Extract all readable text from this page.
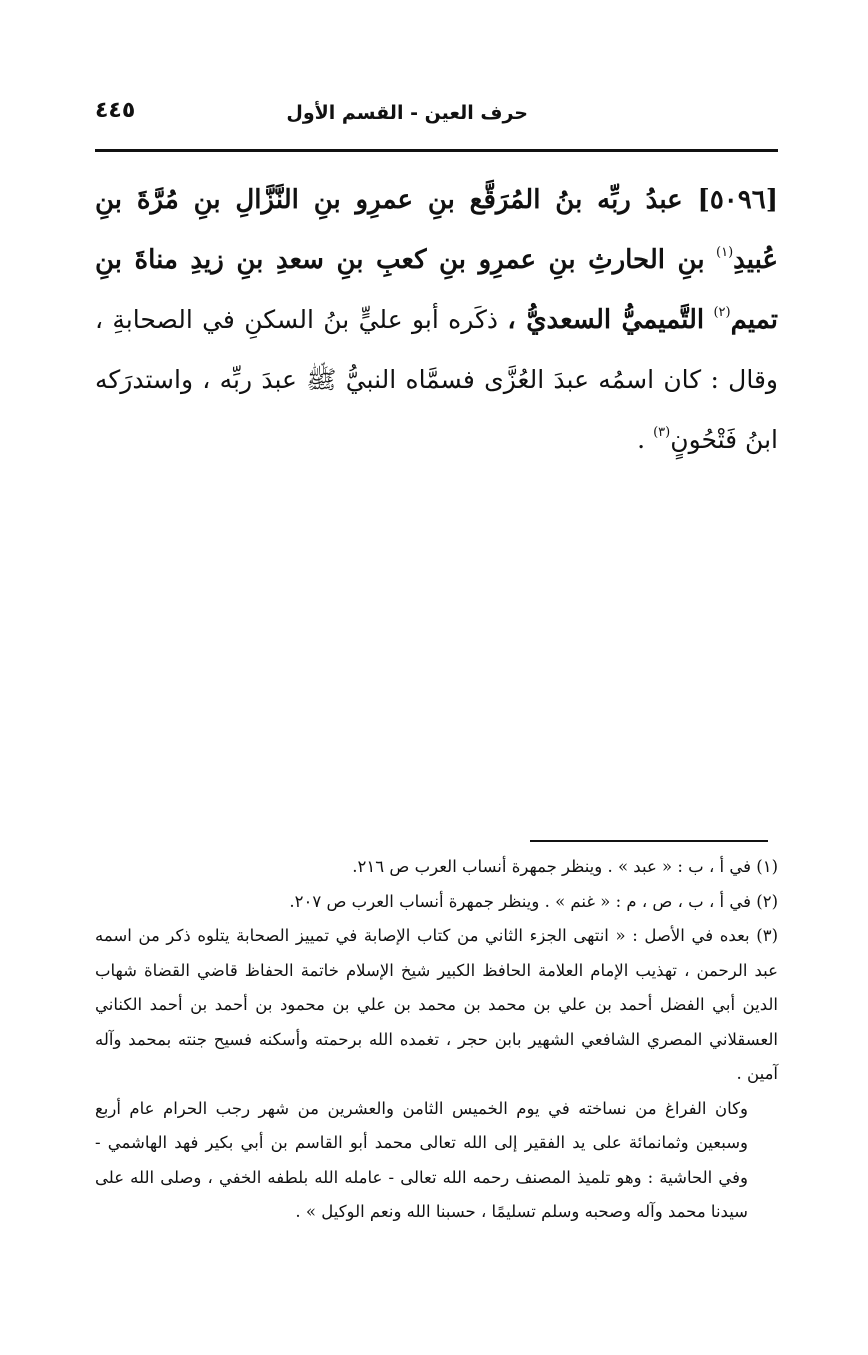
حرف العين - القسم الأول
٤٤٥
[٥٠٩٦] عبدُ ربِّه بنُ المُرَقَّع بنِ عمرِو بنِ النَّزَّالِ بنِ مُرَّةَ بنِ عُبيدِ$^{(١)}$ بنِ الحارثِ بنِ عمرِو بنِ كعبِ بنِ سعدِ بنِ زيدِ مناةَ بنِ تميم$^{(٢)}$ التَّميميُّ السعديُّ ، ذكَره أبو عليٍّ بنُ السكنِ في الصحابةِ ، وقال : كان اسمُه عبدَ العُزَّى فسمَّاه النبيُّ ﷺ عبدَ ربِّه ، واستدرَكه ابنُ فَتْحُونٍ$^{(٣)}$ .

(١) في أ ، ب : « عبد » . وينظر جمهرة أنساب العرب ص ٢١٦.

(٢) في أ ، ب ، ص ، م : « غنم » . وينظر جمهرة أنساب العرب ص ٢٠٧.

(٣) بعده في الأصل : « انتهى الجزء الثاني من كتاب الإصابة في تمييز الصحابة يتلوه ذكر من اسمه عبد الرحمن ، تهذيب الإمام العلامة الحافظ الكبير شيخ الإسلام خاتمة الحفاظ قاضي القضاة شهاب الدين أبي الفضل أحمد بن علي بن محمد بن محمد بن علي بن محمود بن أحمد بن أحمد الكناني العسقلاني المصري الشافعي الشهير بابن حجر ، تغمده الله برحمته وأسكنه فسيح جنته بمحمد وآله آمين .

وكان الفراغ من نساخته في يوم الخميس الثامن والعشرين من شهر رجب الحرام عام أربع وسبعين وثمانمائة على يد الفقير إلى الله تعالى محمد أبو القاسم بن أبي بكير فهد الهاشمي - وفي الحاشية : وهو تلميذ المصنف رحمه الله تعالى - عامله الله بلطفه الخفي ، وصلى الله على سيدنا محمد وآله وصحبه وسلم تسليمًا ، حسبنا الله ونعم الوكيل » .
